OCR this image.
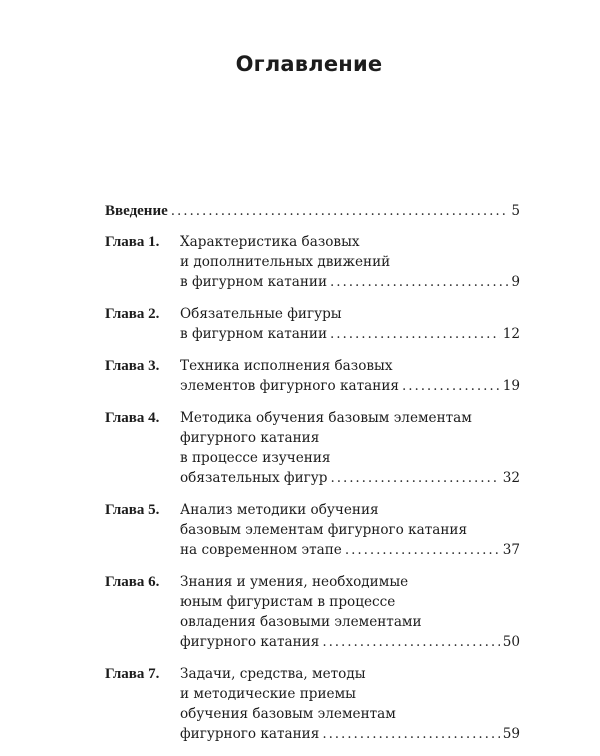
Оглавление
Введение . . .	5
Глава 1. Характеристика базовых
и дополнительных движений
в фигурном катании . . .	9
Глава 2. Обязательные фигуры
в фигурном катании . . .	12
Глава 3. Техника исполнения базовых
элементов фигурного катания . . .	19
Глава 4. Методика обучения базовым элементам
фигурного катания
в процессе изучения
обязательных фигур . . .	32
Глава 5. Анализ методики обучения
базовым элементам фигурного катания
на современном этапе . . .	37
Глава 6. Знания и умения, необходимые
юным фигуристам в процессе
овладения базовыми элементами
фигурного катания . . .	50
Глава 7. Задачи, средства, методы
и методические приемы
обучения базовым элементам
фигурного катания . . .	59
